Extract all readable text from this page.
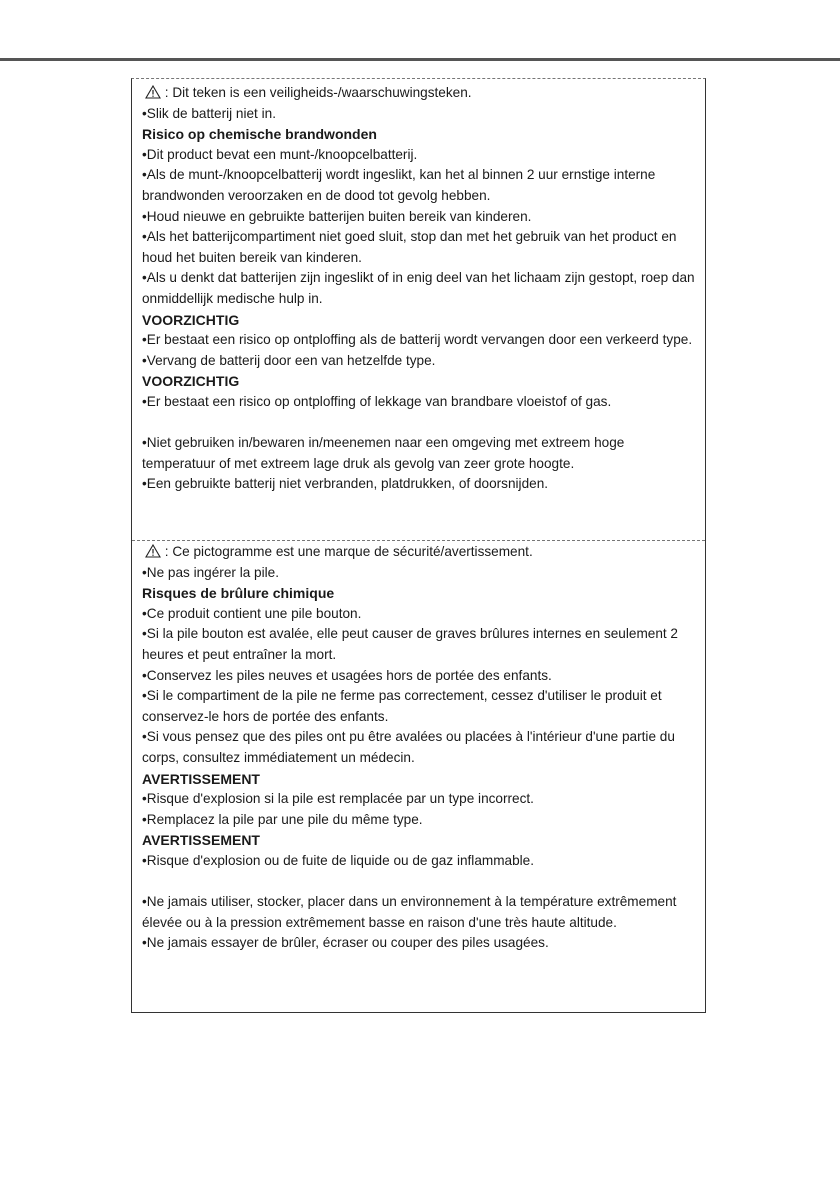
: Dit teken is een veiligheids-/waarschuwingsteken.

•Slik de batterij niet in.

Risico op chemische brandwonden

•Dit product bevat een munt-/knoopcelbatterij.

•Als de munt-/knoopcelbatterij wordt ingeslikt, kan het al binnen 2 uur ernstige interne brandwonden veroorzaken en de dood tot gevolg hebben.

•Houd nieuwe en gebruikte batterijen buiten bereik van kinderen.

•Als het batterijcompartiment niet goed sluit, stop dan met het gebruik van het product en houd het buiten bereik van kinderen.

•Als u denkt dat batterijen zijn ingeslikt of in enig deel van het lichaam zijn gestopt, roep dan onmiddellijk medische hulp in.

VOORZICHTIG

•Er bestaat een risico op ontploffing als de batterij wordt vervangen door een verkeerd type.

•Vervang de batterij door een van hetzelfde type.

VOORZICHTIG

•Er bestaat een risico op ontploffing of lekkage van brandbare vloeistof of gas.

•Niet gebruiken in/bewaren in/meenemen naar een omgeving met extreem hoge temperatuur of met extreem lage druk als gevolg van zeer grote hoogte.

•Een gebruikte batterij niet verbranden, platdrukken, of doorsnijden.

: Ce pictogramme est une marque de sécurité/avertissement.

•Ne pas ingérer la pile.

Risques de brûlure chimique

•Ce produit contient une pile bouton.

•Si la pile bouton est avalée, elle peut causer de graves brûlures internes en seulement 2 heures et peut entraîner la mort.

•Conservez les piles neuves et usagées hors de portée des enfants.

•Si le compartiment de la pile ne ferme pas correctement, cessez d'utiliser le produit et conservez-le hors de portée des enfants.

•Si vous pensez que des piles ont pu être avalées ou placées à l'intérieur d'une partie du corps, consultez immédiatement un médecin.

AVERTISSEMENT

•Risque d'explosion si la pile est remplacée par un type incorrect.

•Remplacez la pile par une pile du même type.

AVERTISSEMENT

•Risque d'explosion ou de fuite de liquide ou de gaz inflammable.

•Ne jamais utiliser, stocker, placer dans un environnement à la température extrêmement élevée ou à la pression extrêmement basse en raison d'une très haute altitude.

•Ne jamais essayer de brûler, écraser ou couper des piles usagées.
